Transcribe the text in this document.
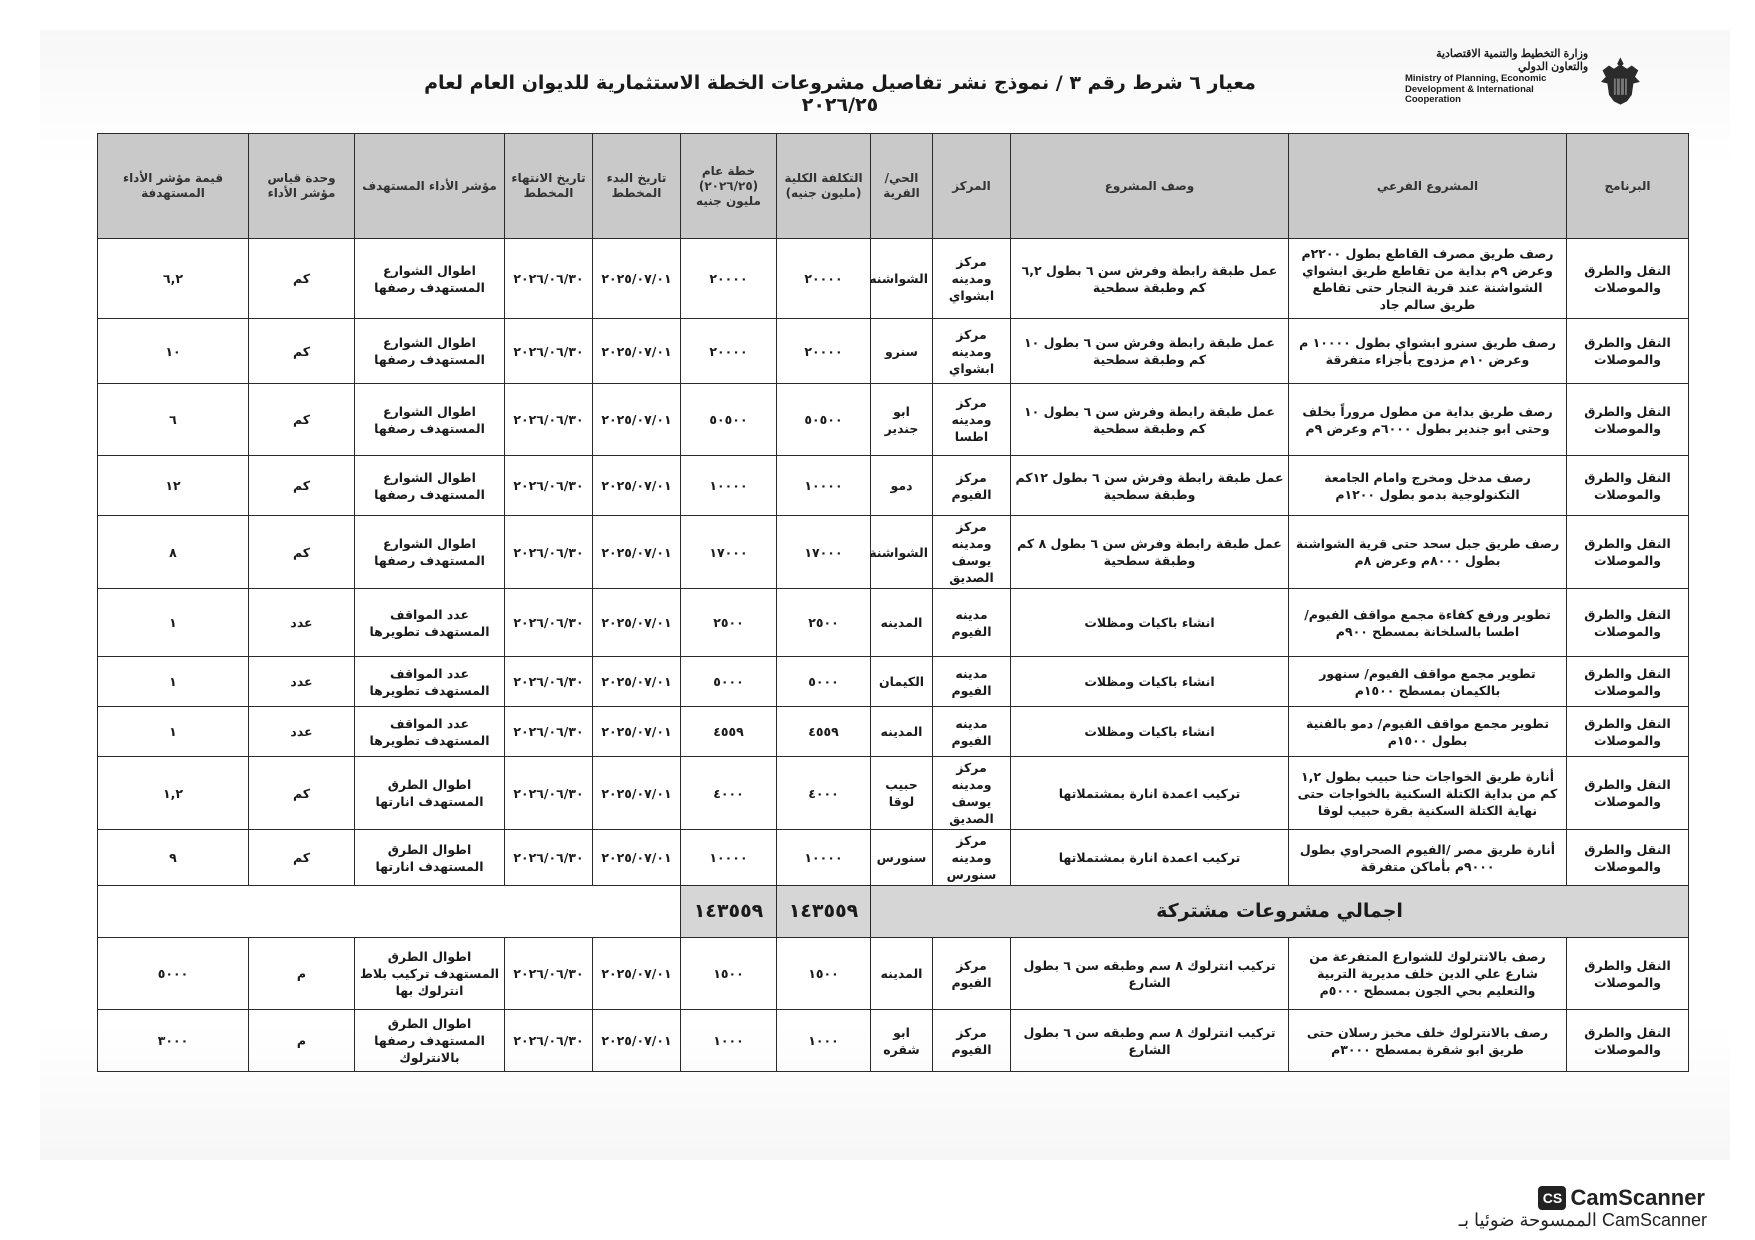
وزارة التخطيط والتنمية الاقتصادية والتعاون الدولي
Ministry of Planning, Economic
Development & International
Cooperation
معيار ٦ شرط رقم ٣ / نموذج نشر تفاصيل مشروعات الخطة الاستثمارية للديوان العام لعام ٢٠٢٦/٢٥
البرنامج	المشروع الفرعي	وصف المشروع	المركز	الحي/ القرية	التكلفة الكلية (مليون جنيه)	خطة عام (٢٠٢٦/٢٥) مليون جنيه	تاريخ البدء المخطط	تاريخ الانتهاء المخطط	مؤشر الأداء المستهدف	وحدة قياس مؤشر الأداء	قيمة مؤشر الأداء المستهدفة
النقل والطرق والموصلات	رصف طريق مصرف القاطع بطول ٢٢٠٠م وعرض ٩م بداية من تقاطع طريق ابشواي الشواشنة عند قرية النجار حتى تقاطع طريق سالم جاد	عمل طبقة رابطة وفرش سن ٦ بطول ٦,٢ كم وطبقة سطحية	مركز ومدينه ابشواي	الشواشنه	٢٠٠٠٠	٢٠٠٠٠	٢٠٢٥/٠٧/٠١	٢٠٢٦/٠٦/٣٠	اطوال الشوارع المستهدف رصفها	كم	٦,٢
النقل والطرق والموصلات	رصف طريق سنرو ابشواي بطول ١٠٠٠٠ م وعرض ١٠م مزدوج بأجزاء متفرقة	عمل طبقة رابطة وفرش سن ٦ بطول ١٠ كم وطبقة سطحية	مركز ومدينه ابشواي	سنرو	٢٠٠٠٠	٢٠٠٠٠	٢٠٢٥/٠٧/٠١	٢٠٢٦/٠٦/٣٠	اطوال الشوارع المستهدف رصفها	كم	١٠
النقل والطرق والموصلات	رصف طريق بداية من مطول مروراً بخلف وحتى ابو جندير بطول ٦٠٠٠م وعرض ٩م	عمل طبقة رابطة وفرش سن ٦ بطول ١٠ كم وطبقة سطحية	مركز ومدينه اطسا	ابو جندير	٥٠٥٠٠	٥٠٥٠٠	٢٠٢٥/٠٧/٠١	٢٠٢٦/٠٦/٣٠	اطوال الشوارع المستهدف رصفها	كم	٦
النقل والطرق والموصلات	رصف مدخل ومخرج وامام الجامعة التكنولوجية بدمو بطول ١٢٠٠م	عمل طبقة رابطة وفرش سن ٦ بطول ١٢كم وطبقة سطحية	مركز الفيوم	دمو	١٠٠٠٠	١٠٠٠٠	٢٠٢٥/٠٧/٠١	٢٠٢٦/٠٦/٣٠	اطوال الشوارع المستهدف رصفها	كم	١٢
النقل والطرق والموصلات	رصف طريق جبل سحد حتى قرية الشواشنة بطول ٨٠٠٠م وعرض ٨م	عمل طبقة رابطة وفرش سن ٦ بطول ٨ كم وطبقة سطحية	مركز ومدينه يوسف الصديق	الشواشنة	١٧٠٠٠	١٧٠٠٠	٢٠٢٥/٠٧/٠١	٢٠٢٦/٠٦/٣٠	اطوال الشوارع المستهدف رصفها	كم	٨
النقل والطرق والموصلات	تطوير ورفع كفاءة مجمع مواقف الفيوم/ اطسا بالسلخانة بمسطح ٩٠٠م	انشاء باكيات ومظلات	مدينه الفيوم	المدينه	٢٥٠٠	٢٥٠٠	٢٠٢٥/٠٧/٠١	٢٠٢٦/٠٦/٣٠	عدد المواقف المستهدف تطويرها	عدد	١
النقل والطرق والموصلات	تطوير مجمع مواقف الفيوم/ سنهور بالكيمان بمسطح ١٥٠٠م	انشاء باكيات ومظلات	مدينه الفيوم	الكيمان	٥٠٠٠	٥٠٠٠	٢٠٢٥/٠٧/٠١	٢٠٢٦/٠٦/٣٠	عدد المواقف المستهدف تطويرها	عدد	١
النقل والطرق والموصلات	تطوير مجمع مواقف الفيوم/ دمو بالفنية بطول ١٥٠٠م	انشاء باكيات ومظلات	مدينه الفيوم	المدينه	٤٥٥٩	٤٥٥٩	٢٠٢٥/٠٧/٠١	٢٠٢٦/٠٦/٣٠	عدد المواقف المستهدف تطويرها	عدد	١
النقل والطرق والموصلات	أنارة طريق الخواجات حنا حبيب بطول ١,٢ كم من بداية الكتلة السكنية بالخواجات حتى نهاية الكتلة السكنية بقرة حبيب لوقا	تركيب اعمدة انارة بمشتملاتها	مركز ومدينه يوسف الصديق	حبيب لوقا	٤٠٠٠	٤٠٠٠	٢٠٢٥/٠٧/٠١	٢٠٢٦/٠٦/٣٠	اطوال الطرق المستهدف انارتها	كم	١,٢
النقل والطرق والموصلات	أنارة طريق مصر /الفيوم الصحراوي بطول ٩٠٠٠م بأماكن متفرقة	تركيب اعمدة انارة بمشتملاتها	مركز ومدينه سنورس	سنورس	١٠٠٠٠	١٠٠٠٠	٢٠٢٥/٠٧/٠١	٢٠٢٦/٠٦/٣٠	اطوال الطرق المستهدف انارتها	كم	٩
اجمالي مشروعات مشتركة					١٤٣٥٥٩	١٤٣٥٥٩					
النقل والطرق والموصلات	رصف بالانترلوك للشوارع المتفرعة من شارع علي الدين خلف مديرية التربية والتعليم بحي الجون بمسطح ٥٠٠٠م	تركيب انترلوك ٨ سم وطبقه سن ٦ بطول الشارع	مركز الفيوم	المدينه	١٥٠٠	١٥٠٠	٢٠٢٥/٠٧/٠١	٢٠٢٦/٠٦/٣٠	اطوال الطرق المستهدف تركيب بلاط انترلوك بها	م	٥٠٠٠
النقل والطرق والموصلات	رصف بالانترلوك خلف مخبز رسلان حتى طريق ابو شقرة بمسطح ٣٠٠٠م	تركيب انترلوك ٨ سم وطبقه سن ٦ بطول الشارع	مركز الفيوم	ابو شقره	١٠٠٠	١٠٠٠	٢٠٢٥/٠٧/٠١	٢٠٢٦/٠٦/٣٠	اطوال الطرق المستهدف رصفها بالانترلوك	م	٣٠٠٠
CS CamScanner
الممسوحة ضوئيا بـ CamScanner
